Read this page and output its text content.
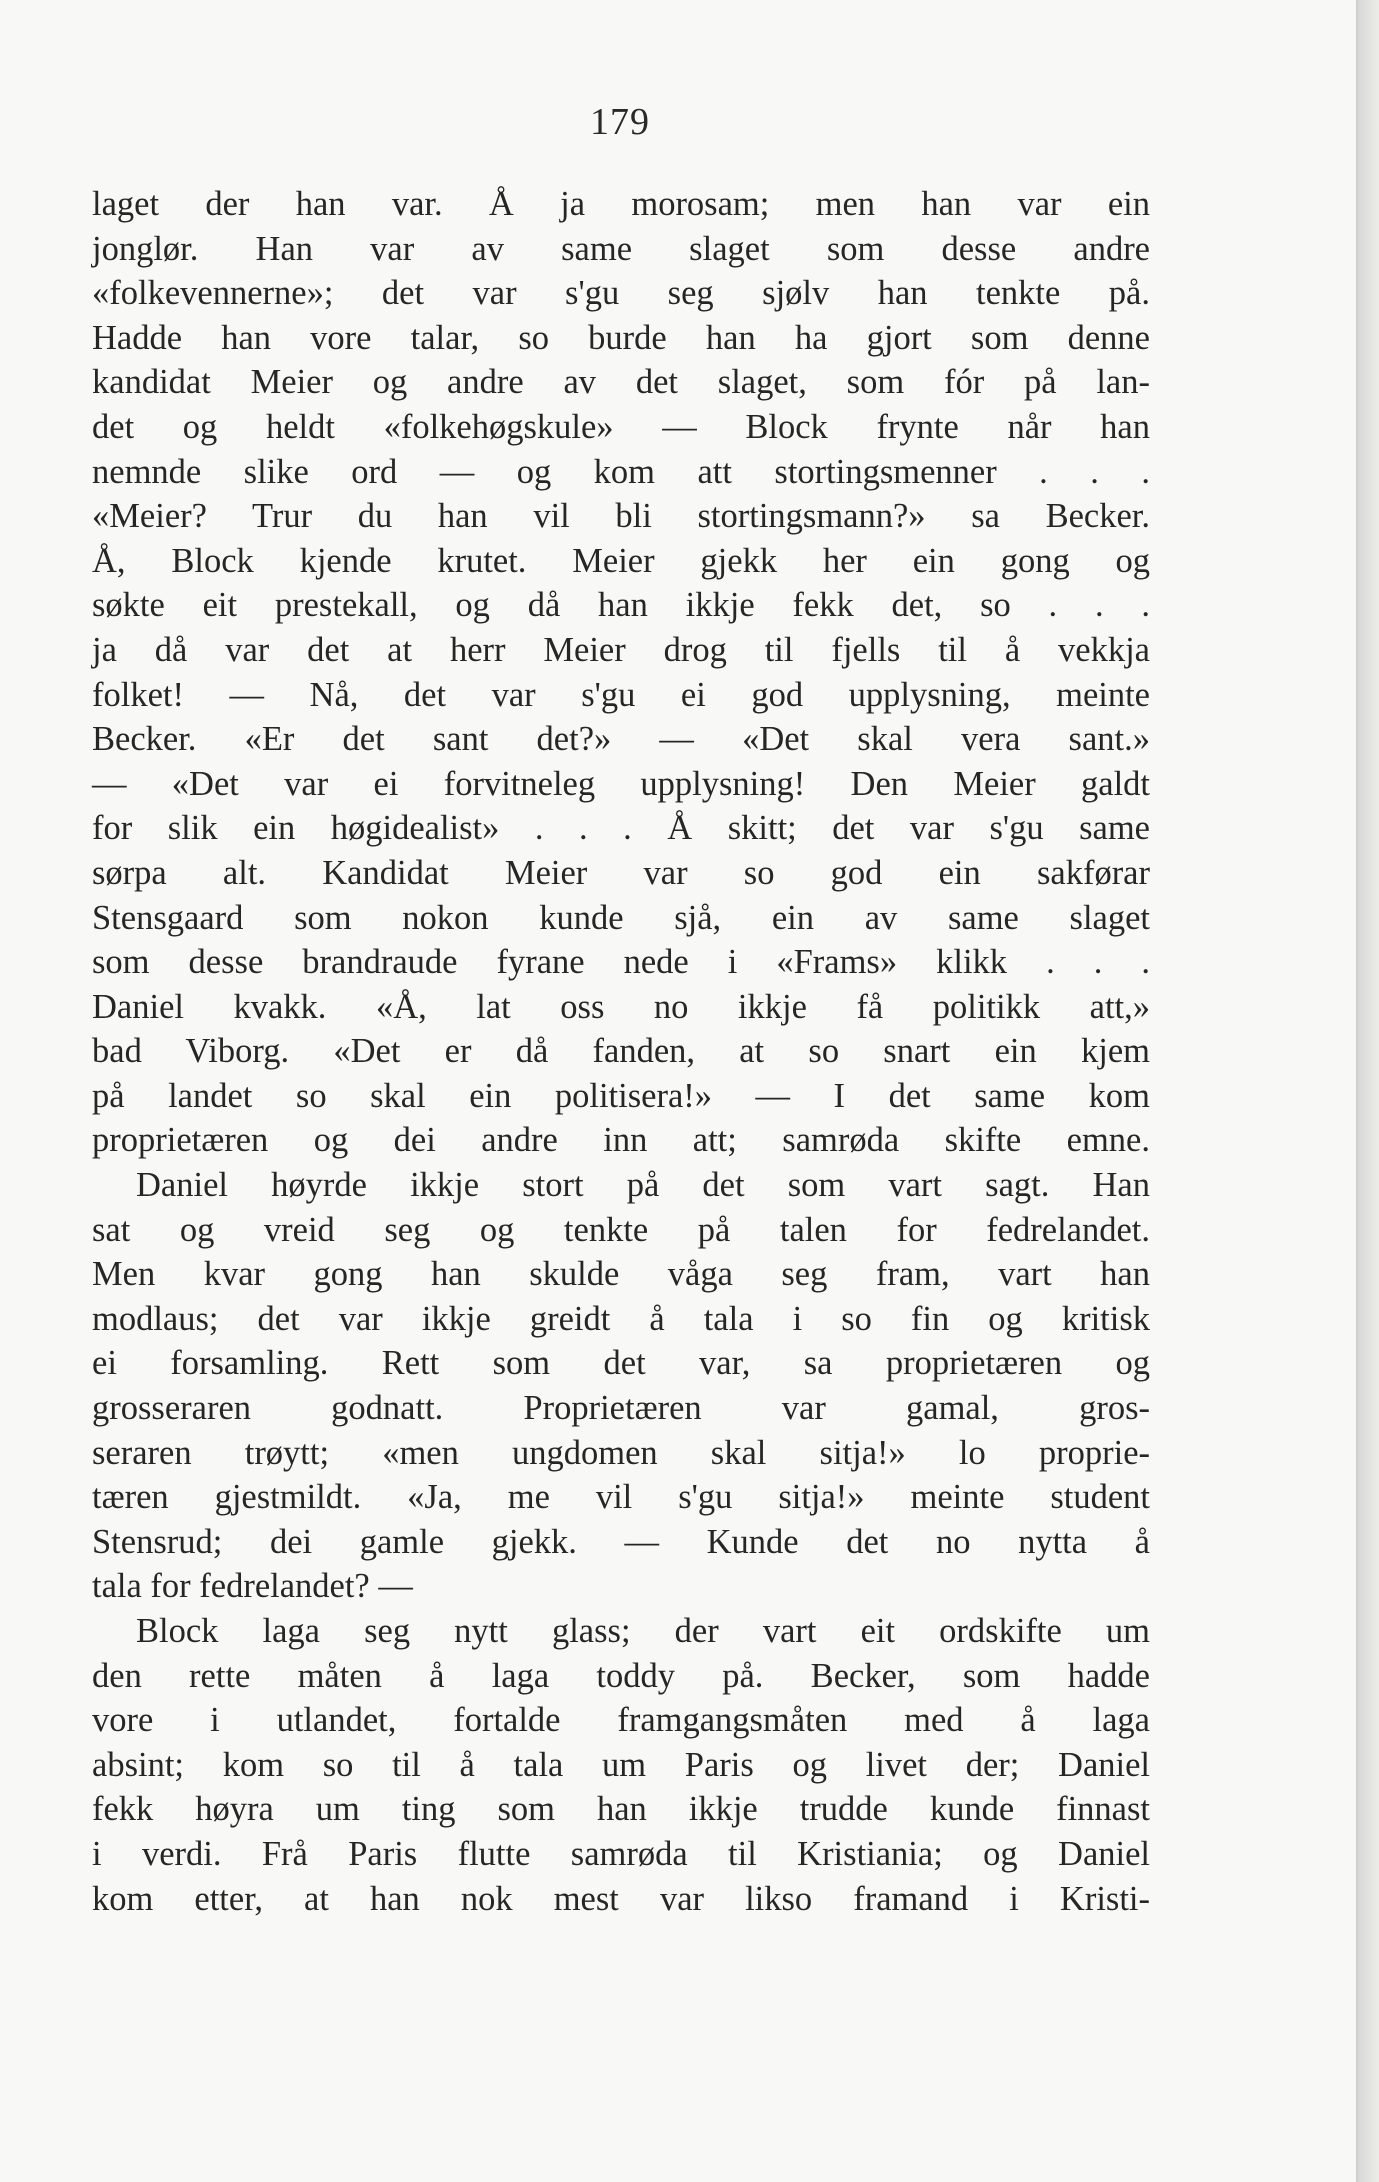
179
laget der han var. Å ja morosam; men han var ein
jonglør. Han var av same slaget som desse andre
«folkevennerne»; det var s'gu seg sjølv han tenkte på.
Hadde han vore talar, so burde han ha gjort som denne
kandidat Meier og andre av det slaget, som fór på lan-
det og heldt «folkehøgskule» — Block frynte når han
nemnde slike ord — og kom att stortingsmenner . . .
«Meier? Trur du han vil bli stortingsmann?» sa Becker.
Å, Block kjende krutet. Meier gjekk her ein gong og
søkte eit prestekall, og då han ikkje fekk det, so . . .
ja då var det at herr Meier drog til fjells til å vekkja
folket! — Nå, det var s'gu ei god upplysning, meinte
Becker. «Er det sant det?» — «Det skal vera sant.»
— «Det var ei forvitneleg upplysning! Den Meier galdt
for slik ein høgidealist» . . . Å skitt; det var s'gu same
sørpa alt. Kandidat Meier var so god ein sakførar
Stensgaard som nokon kunde sjå, ein av same slaget
som desse brandraude fyrane nede i «Frams» klikk . . .
Daniel kvakk. «Å, lat oss no ikkje få politikk att,»
bad Viborg. «Det er då fanden, at so snart ein kjem
på landet so skal ein politisera!» — I det same kom
proprietæren og dei andre inn att; samrøda skifte emne.
Daniel høyrde ikkje stort på det som vart sagt. Han
sat og vreid seg og tenkte på talen for fedrelandet.
Men kvar gong han skulde våga seg fram, vart han
modlaus; det var ikkje greidt å tala i so fin og kritisk
ei forsamling. Rett som det var, sa proprietæren og
grosseraren godnatt. Proprietæren var gamal, gros-
seraren trøytt; «men ungdomen skal sitja!» lo proprie-
tæren gjestmildt. «Ja, me vil s'gu sitja!» meinte student
Stensrud; dei gamle gjekk. — Kunde det no nytta å
tala for fedrelandet? —
Block laga seg nytt glass; der vart eit ordskifte um
den rette måten å laga toddy på. Becker, som hadde
vore i utlandet, fortalde framgangsmåten med å laga
absint; kom so til å tala um Paris og livet der; Daniel
fekk høyra um ting som han ikkje trudde kunde finnast
i verdi. Frå Paris flutte samrøda til Kristiania; og Daniel
kom etter, at han nok mest var likso framand i Kristi-
